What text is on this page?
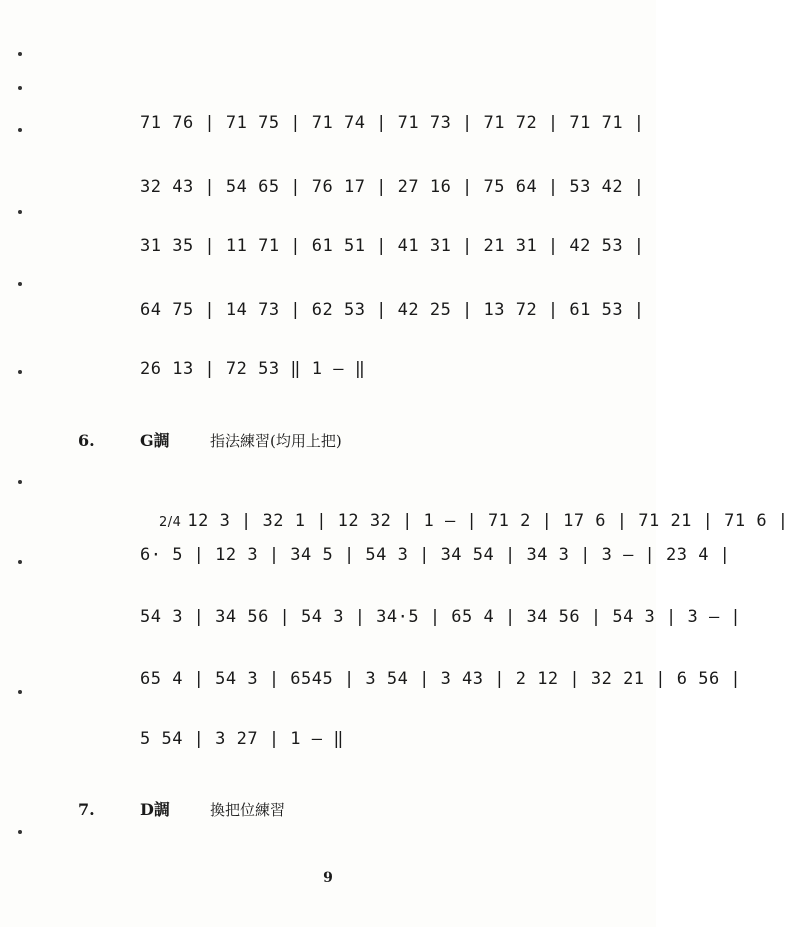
71 76 | 71 75 | 71 74 | 71 73 | 71 72 | 71 71 |
32 43 | 54 65 | 76 17 | 27 16 | 75 64 | 53 42 |
31 35 | 11 71 | 61 51 | 41 31 | 21 31 | 42 53 |
64 75 | 14 73 | 62 53 | 42 25 | 13 72 | 61 53 |
26 13 | 72 53 ‖ 1 — ‖
6.	G調	指法練習(均用上把)

2/4 12 3 | 32 1 | 12 32 | 1 — | 71 2 | 17 6 | 71 21 | 71 6 |

6· 5 | 12 3 | 34 5 | 54 3 | 34 54 | 34 3 | 3 — | 23 4 |
54 3 | 34 56 | 54 3 | 34·5 | 65 4 | 34 56 | 54 3 | 3 — |
65 4 | 54 3 | 6545 | 3 54 | 3 43 | 2 12 | 32 21 | 6 56 |
5 54 | 3 27 | 1 — ‖
7.	D調	換把位練習
9
